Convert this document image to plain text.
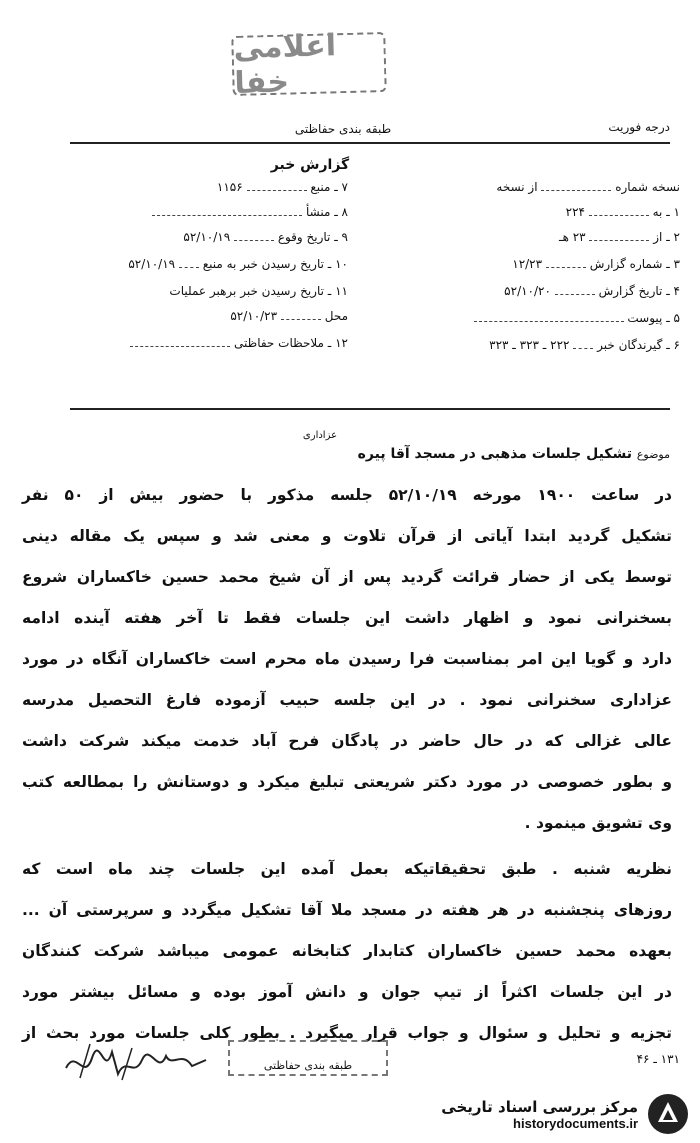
اعلامی خفا
طبقه بندی حفاظتی	درجه فوریت
گزارش خبر
نسخه شماره  از نسخه
۱ ـ به  ۲۲۴
۲ ـ از  ۲۳ هـ
۳ ـ شماره گزارش  ۱۲/۲۳
۴ ـ تاریخ گزارش  ۵۲/۱۰/۲۰
۵ ـ پیوست
۶ ـ گیرندگان خبر  ۲۲۲ ـ ۳۲۳ ـ ۳۲۳
۷ ـ منبع  ۱۱۵۶
۸ ـ منشأ
۹ ـ تاریخ وقوع  ۵۲/۱۰/۱۹
۱۰ ـ تاریخ رسیدن خبر به منبع  ۵۲/۱۰/۱۹
۱۱ ـ تاریخ رسیدن خبر برهبر عملیات
محل  ۵۲/۱۰/۲۳
۱۲ ـ ملاحظات حفاظتی
عزاداری
موضوع تشکیل جلسات مذهبی در مسجد آقا پیره
در ساعت ۱۹۰۰ مورخه ۵۲/۱۰/۱۹ جلسه مذکور با حضور بیش از ۵۰ نفر
تشکیل گردید ابتدا آیاتی از قرآن تلاوت و معنی شد و سپس یک مقاله دینی
توسط یکی از حضار قرائت گردید پس از آن شیخ محمد حسین خاکساران شروع
بسخنرانی نمود و اظهار داشت این جلسات فقط تا آخر هفته آینده ادامه
دارد و گویا این امر بمناسبت فرا رسیدن ماه محرم است خاکساران آنگاه در مورد
عزاداری سخنرانی نمود . در این جلسه حبیب آزموده فارغ التحصیل مدرسه
عالی غزالی که در حال حاضر در پادگان فرح آباد خدمت میکند شرکت داشت
و بطور خصوصی در مورد دکتر شریعتی تبلیغ میکرد و دوستانش را بمطالعه کتب
وی تشویق مینمود .
نظریه شنبه . طبق تحقیقاتیکه بعمل آمده این جلسات چند ماه است که
روزهای پنجشنبه در هر هفته در مسجد ملا آقا تشکیل میگردد و سرپرستی آن ...
بعهده محمد حسین خاکساران کتابدار کتابخانه عمومی میباشد شرکت کنندگان
در این جلسات اکثراً از تیپ جوان و دانش آموز بوده و مسائل بیشتر مورد
تجزیه و تحلیل و سئوال و جواب قرار میگیرد . بطور کلی جلسات مورد بحث از
طبقه بندی حفاظتی	۱۳۱ ـ ۴۶
مرکز بررسی اسناد تاریخی
historydocuments.ir
